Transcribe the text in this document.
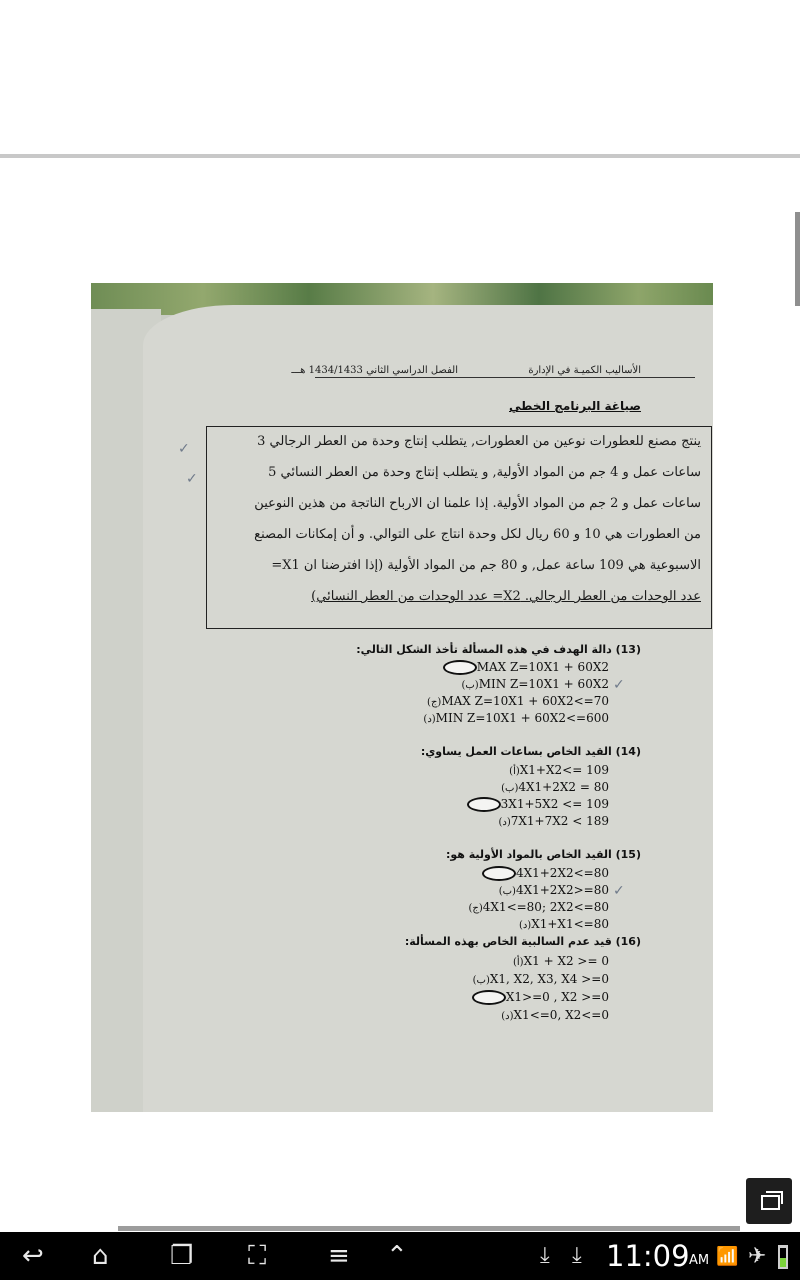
الأساليب الكميـة في الإدارة
الفصل الدراسي الثاني 1434/1433 هـــ
صياغة البرنامج الخطي
ينتج مصنع للعطورات نوعين من العطورات, يتطلب إنتاج وحدة من العطر الرجالي 3
ساعات عمل و 4 جم من المواد الأولية, و يتطلب إنتاج وحدة من العطر النسائي 5
ساعات عمل و 2 جم من المواد الأولية. إذا علمنا ان الارباح الناتجة من هذين النوعين
من العطورات هي 10 و 60 ريال لكل وحدة انتاج على التوالي. و أن إمكانات المصنع
الاسبوعية هي 109 ساعة عمل, و 80 جم من المواد الأولية (إذا افترضنا ان X1=
عدد الوحدات من العطر الرجالي. X2= عدد الوحدات من العطر النسائي)
(13) دالة الهدف في هذه المسألة تأخذ الشكل التالي:
MAX Z=10X1 + 60X2
(ب)MIN Z=10X1 + 60X2
(ج)MAX Z=10X1 + 60X2<=70
(د)MIN Z=10X1 + 60X2<=600
(14) القيد الخاص بساعات العمل يساوي:
(أ)X1+X2<= 109
(ب)4X1+2X2 = 80
3X1+5X2 <= 109
(د)7X1+7X2 < 189
(15) القيد الخاص بالمواد الأولية هو:
4X1+2X2<=80
(ب)4X1+2X2>=80
(ج)4X1<=80; 2X2<=80
(د)X1+X1<=80
(16) قيد عدم السالبية الخاص بهذه المسألة:
(أ)X1 + X2 >= 0
(ب)X1, X2, X3, X4 >=0
X1>=0 , X2 >=0
(د)X1<=0, X2<=0
✓
✓
✓
✓
↩ ⌂ ❐ ⛶ ≡ ⌃	⤓ ⤓ 11:09 AM 📶 ✈
